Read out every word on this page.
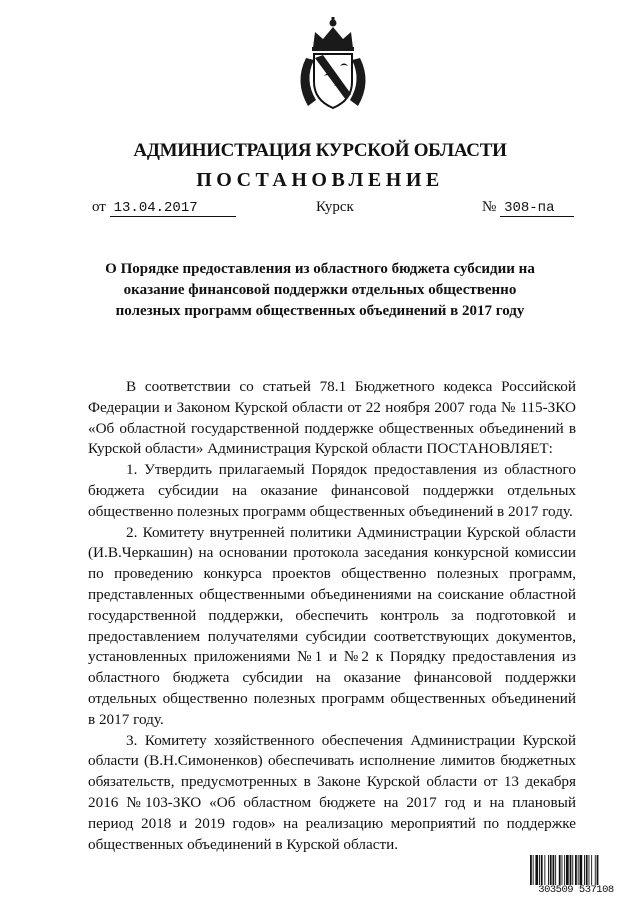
АДМИНИСТРАЦИЯ КУРСКОЙ ОБЛАСТИ
ПОСТАНОВЛЕНИЕ
от 13.04.2017	Курск	№ 308-па
О Порядке предоставления из областного бюджета субсидии на оказание финансовой поддержки отдельных общественно полезных программ общественных объединений в 2017 году

В соответствии со статьей 78.1 Бюджетного кодекса Российской Федерации и Законом Курской области от 22 ноября 2007 года № 115-ЗКО «Об областной государственной поддержке общественных объединений в Курской области» Администрация Курской области ПОСТАНОВЛЯЕТ:

1. Утвердить прилагаемый Порядок предоставления из областного бюджета субсидии на оказание финансовой поддержки отдельных общественно полезных программ общественных объединений в 2017 году.

2. Комитету внутренней политики Администрации Курской области (И.В.Черкашин) на основании протокола заседания конкурсной комиссии по проведению конкурса проектов общественно полезных программ, представленных общественными объединениями на соискание областной государственной поддержки, обеспечить контроль за подготовкой и предоставлением получателями субсидии соответствующих документов, установленных приложениями №1 и №2 к Порядку предоставления из областного бюджета субсидии на оказание финансовой поддержки отдельных общественно полезных программ общественных объединений в 2017 году.

3. Комитету хозяйственного обеспечения Администрации Курской области (В.Н.Симоненков) обеспечивать исполнение лимитов бюджетных обязательств, предусмотренных в Законе Курской области от 13 декабря 2016 №103-ЗКО «Об областном бюджете на 2017 год и на плановый период 2018 и 2019 годов» на реализацию мероприятий по поддержке общественных объединений в Курской области.

303509 537108
